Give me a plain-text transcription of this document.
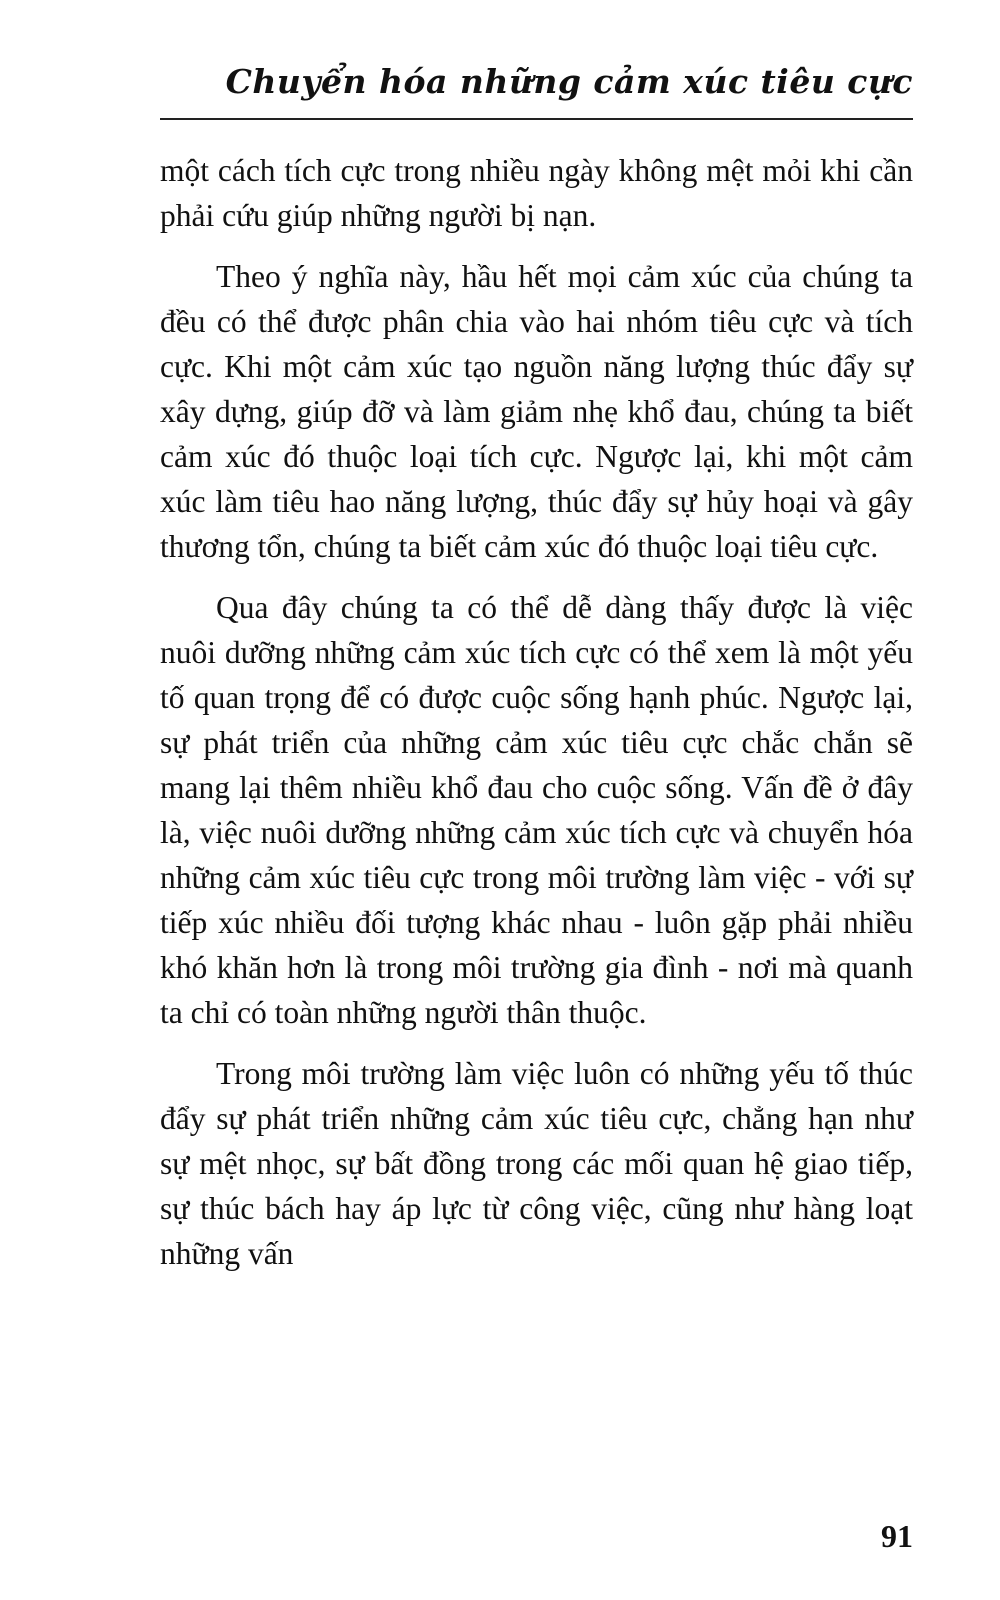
Chuyển hóa những cảm xúc tiêu cực

một cách tích cực trong nhiều ngày không mệt mỏi khi cần phải cứu giúp những người bị nạn.

Theo ý nghĩa này, hầu hết mọi cảm xúc của chúng ta đều có thể được phân chia vào hai nhóm tiêu cực và tích cực. Khi một cảm xúc tạo nguồn năng lượng thúc đẩy sự xây dựng, giúp đỡ và làm giảm nhẹ khổ đau, chúng ta biết cảm xúc đó thuộc loại tích cực. Ngược lại, khi một cảm xúc làm tiêu hao năng lượng, thúc đẩy sự hủy hoại và gây thương tổn, chúng ta biết cảm xúc đó thuộc loại tiêu cực.

Qua đây chúng ta có thể dễ dàng thấy được là việc nuôi dưỡng những cảm xúc tích cực có thể xem là một yếu tố quan trọng để có được cuộc sống hạnh phúc. Ngược lại, sự phát triển của những cảm xúc tiêu cực chắc chắn sẽ mang lại thêm nhiều khổ đau cho cuộc sống. Vấn đề ở đây là, việc nuôi dưỡng những cảm xúc tích cực và chuyển hóa những cảm xúc tiêu cực trong môi trường làm việc - với sự tiếp xúc nhiều đối tượng khác nhau - luôn gặp phải nhiều khó khăn hơn là trong môi trường gia đình - nơi mà quanh ta chỉ có toàn những người thân thuộc.

Trong môi trường làm việc luôn có những yếu tố thúc đẩy sự phát triển những cảm xúc tiêu cực, chẳng hạn như sự mệt nhọc, sự bất đồng trong các mối quan hệ giao tiếp, sự thúc bách hay áp lực từ công việc, cũng như hàng loạt những vấn

91
